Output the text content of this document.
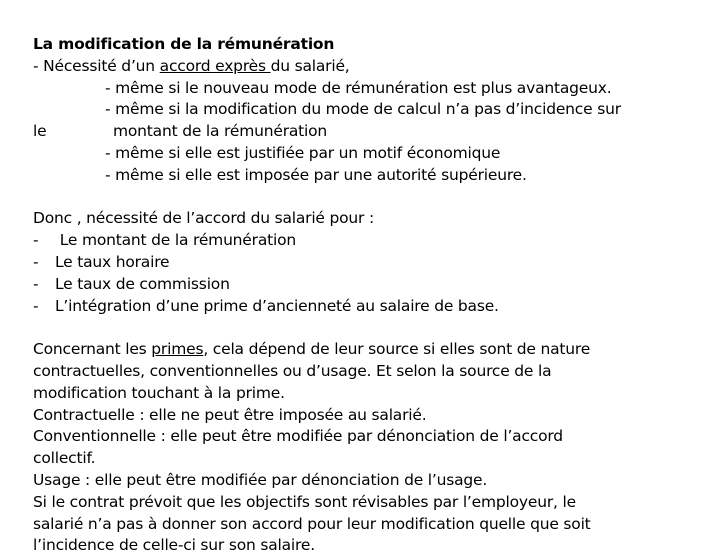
La modification de la rémunération
- Nécessité d’un accord exprès du salarié,
- même si le nouveau mode de rémunération est plus avantageux.
- même si la modification du mode de calcul n’a pas d’incidence sur
le	montant de la rémunération
- même si elle est justifiée par un motif économique
- même si elle est imposée par une autorité supérieure.
Donc , nécessité de l’accord du salarié pour :
- Le montant de la rémunération
- Le taux horaire
- Le taux de commission
- L’intégration d’une prime d’ancienneté au salaire de base.
Concernant les primes, cela dépend de leur source si elles sont de nature
contractuelles, conventionnelles ou d’usage. Et selon la source de la
modification touchant à la prime.
Contractuelle : elle ne peut être imposée au salarié.
Conventionnelle : elle peut être modifiée par dénonciation de l’accord
collectif.
Usage : elle peut être modifiée par dénonciation de l’usage.
Si le contrat prévoit que les objectifs sont révisables par l’employeur, le
salarié n’a pas à donner son accord pour leur modification quelle que soit
l’incidence de celle-ci sur son salaire.
